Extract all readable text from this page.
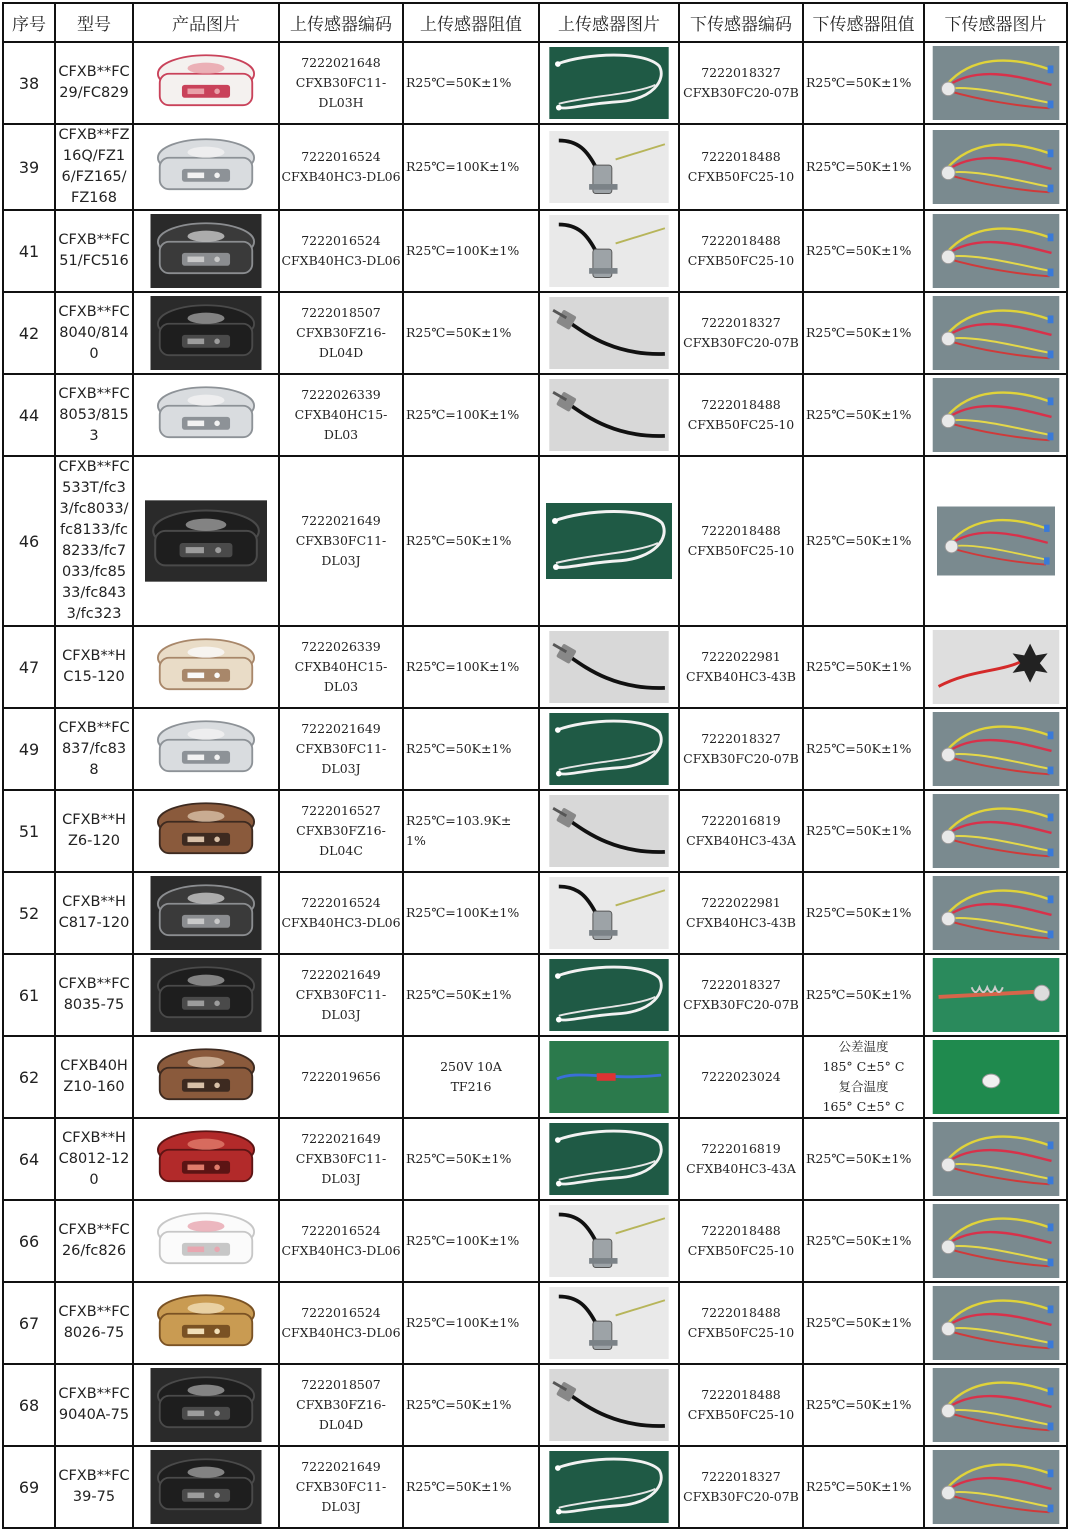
序号	型号	产品图片	上传感器编码	上传感器阻值	上传感器图片	下传感器编码	下传感器阻值	下传感器图片
38	CFXB**FC29/FC829		7222021648
CFXB30FC11-
DL03H	R25℃=50K±1%		7222018327
CFXB30FC20-07B	R25℃=50K±1%

39	CFXB**FZ16Q/FZ16/FZ165/FZ168		7222016524
CFXB40HC3-DL06	R25℃=100K±1%		7222018488
CFXB50FC25-10	R25℃=50K±1%

41	CFXB**FC51/FC516		7222016524
CFXB40HC3-DL06	R25℃=100K±1%		7222018488
CFXB50FC25-10	R25℃=50K±1%

42	CFXB**FC8040/8140		7222018507
CFXB30FZ16-
DL04D	R25℃=50K±1%		7222018327
CFXB30FC20-07B	R25℃=50K±1%

44	CFXB**FC8053/8153		7222026339
CFXB40HC15-
DL03	R25℃=100K±1%		7222018488
CFXB50FC25-10	R25℃=50K±1%

46	CFXB**FC533T/fc33/fc8033/fc8133/fc8233/fc7033/fc8533/fc8433/fc323		7222021649
CFXB30FC11-
DL03J	R25℃=50K±1%		7222018488
CFXB50FC25-10	R25℃=50K±1%

47	CFXB**HC15-120		7222026339
CFXB40HC15-
DL03	R25℃=100K±1%		7222022981
CFXB40HC3-43B	R25℃=50K±1%

49	CFXB**FC837/fc838		7222021649
CFXB30FC11-
DL03J	R25℃=50K±1%		7222018327
CFXB30FC20-07B	R25℃=50K±1%

51	CFXB**HZ6-120		7222016527
CFXB30FZ16-
DL04C	R25℃=103.9K±
1%		7222016819
CFXB40HC3-43A	R25℃=50K±1%

52	CFXB**HC817-120		7222016524
CFXB40HC3-DL06	R25℃=100K±1%		7222022981
CFXB40HC3-43B	R25℃=50K±1%

61	CFXB**FC8035-75		7222021649
CFXB30FC11-
DL03J	R25℃=50K±1%		7222018327
CFXB30FC20-07B	R25℃=50K±1%

62	CFXB40HZ10-160		7222019656	250V 10A
TF216		7222023024	公差温度
185° C±5° C
复合温度
165° C±5° C

64	CFXB**HC8012-120		7222021649
CFXB30FC11-
DL03J	R25℃=50K±1%		7222016819
CFXB40HC3-43A	R25℃=50K±1%

66	CFXB**FC26/fc826		7222016524
CFXB40HC3-DL06	R25℃=100K±1%		7222018488
CFXB50FC25-10	R25℃=50K±1%

67	CFXB**FC8026-75		7222016524
CFXB40HC3-DL06	R25℃=100K±1%		7222018488
CFXB50FC25-10	R25℃=50K±1%

68	CFXB**FC9040A-75		7222018507
CFXB30FZ16-
DL04D	R25℃=50K±1%		7222018488
CFXB50FC25-10	R25℃=50K±1%

69	CFXB**FC39-75		7222021649
CFXB30FC11-
DL03J	R25℃=50K±1%		7222018327
CFXB30FC20-07B	R25℃=50K±1%
